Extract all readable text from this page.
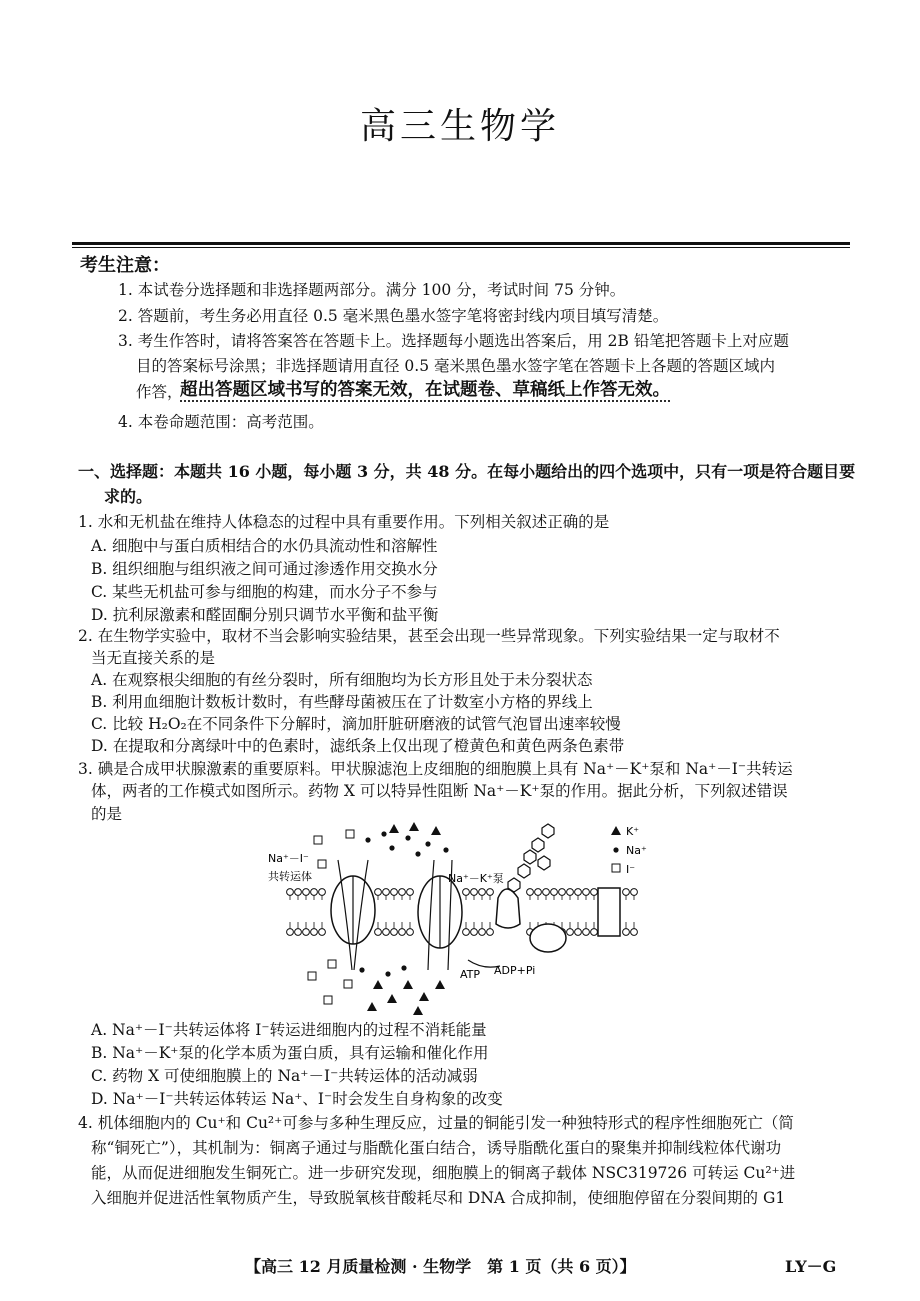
高三生物学
考生注意：
1. 本试卷分选择题和非选择题两部分。满分 100 分，考试时间 75 分钟。
2. 答题前，考生务必用直径 0.5 毫米黑色墨水签字笔将密封线内项目填写清楚。
3. 考生作答时，请将答案答在答题卡上。选择题每小题选出答案后，用 2B 铅笔把答题卡上对应题
目的答案标号涂黑；非选择题请用直径 0.5 毫米黑色墨水签字笔在答题卡上各题的答题区域内
作答，
超出答题区域书写的答案无效，在试题卷、草稿纸上作答无效。
4. 本卷命题范围：高考范围。
一、选择题：本题共 16 小题，每小题 3 分，共 48 分。在每小题给出的四个选项中，只有一项是符合题目要
求的。
1. 水和无机盐在维持人体稳态的过程中具有重要作用。下列相关叙述正确的是
A. 细胞中与蛋白质相结合的水仍具流动性和溶解性
B. 组织细胞与组织液之间可通过渗透作用交换水分
C. 某些无机盐可参与细胞的构建，而水分子不参与
D. 抗利尿激素和醛固酮分别只调节水平衡和盐平衡
2. 在生物学实验中，取材不当会影响实验结果，甚至会出现一些异常现象。下列实验结果一定与取材不
当无直接关系的是
A. 在观察根尖细胞的有丝分裂时，所有细胞均为长方形且处于未分裂状态
B. 利用血细胞计数板计数时，有些酵母菌被压在了计数室小方格的界线上
C. 比较 H₂O₂在不同条件下分解时，滴加肝脏研磨液的试管气泡冒出速率较慢
D. 在提取和分离绿叶中的色素时，滤纸条上仅出现了橙黄色和黄色两条色素带
3. 碘是合成甲状腺激素的重要原料。甲状腺滤泡上皮细胞的细胞膜上具有 Na⁺－K⁺泵和 Na⁺－I⁻共转运
体，两者的工作模式如图所示。药物 X 可以特异性阻断 Na⁺－K⁺泵的作用。据此分析，下列叙述错误
的是
Na⁺－I⁻
共转运体	Na⁺－K⁺泵
ATP ADP+Pi
K⁺
Na⁺
I⁻
A. Na⁺－I⁻共转运体将 I⁻转运进细胞内的过程不消耗能量
B. Na⁺－K⁺泵的化学本质为蛋白质，具有运输和催化作用
C. 药物 X 可使细胞膜上的 Na⁺－I⁻共转运体的活动减弱
D. Na⁺－I⁻共转运体转运 Na⁺、I⁻时会发生自身构象的改变
4. 机体细胞内的 Cu⁺和 Cu²⁺可参与多种生理反应，过量的铜能引发一种独特形式的程序性细胞死亡（简
称“铜死亡”），其机制为：铜离子通过与脂酰化蛋白结合，诱导脂酰化蛋白的聚集并抑制线粒体代谢功
能，从而促进细胞发生铜死亡。进一步研究发现，细胞膜上的铜离子载体 NSC319726 可转运 Cu²⁺进
入细胞并促进活性氧物质产生，导致脱氧核苷酸耗尽和 DNA 合成抑制，使细胞停留在分裂间期的 G1
【高三 12 月质量检测 · 生物学　第 1 页（共 6 页）】	LY－G
